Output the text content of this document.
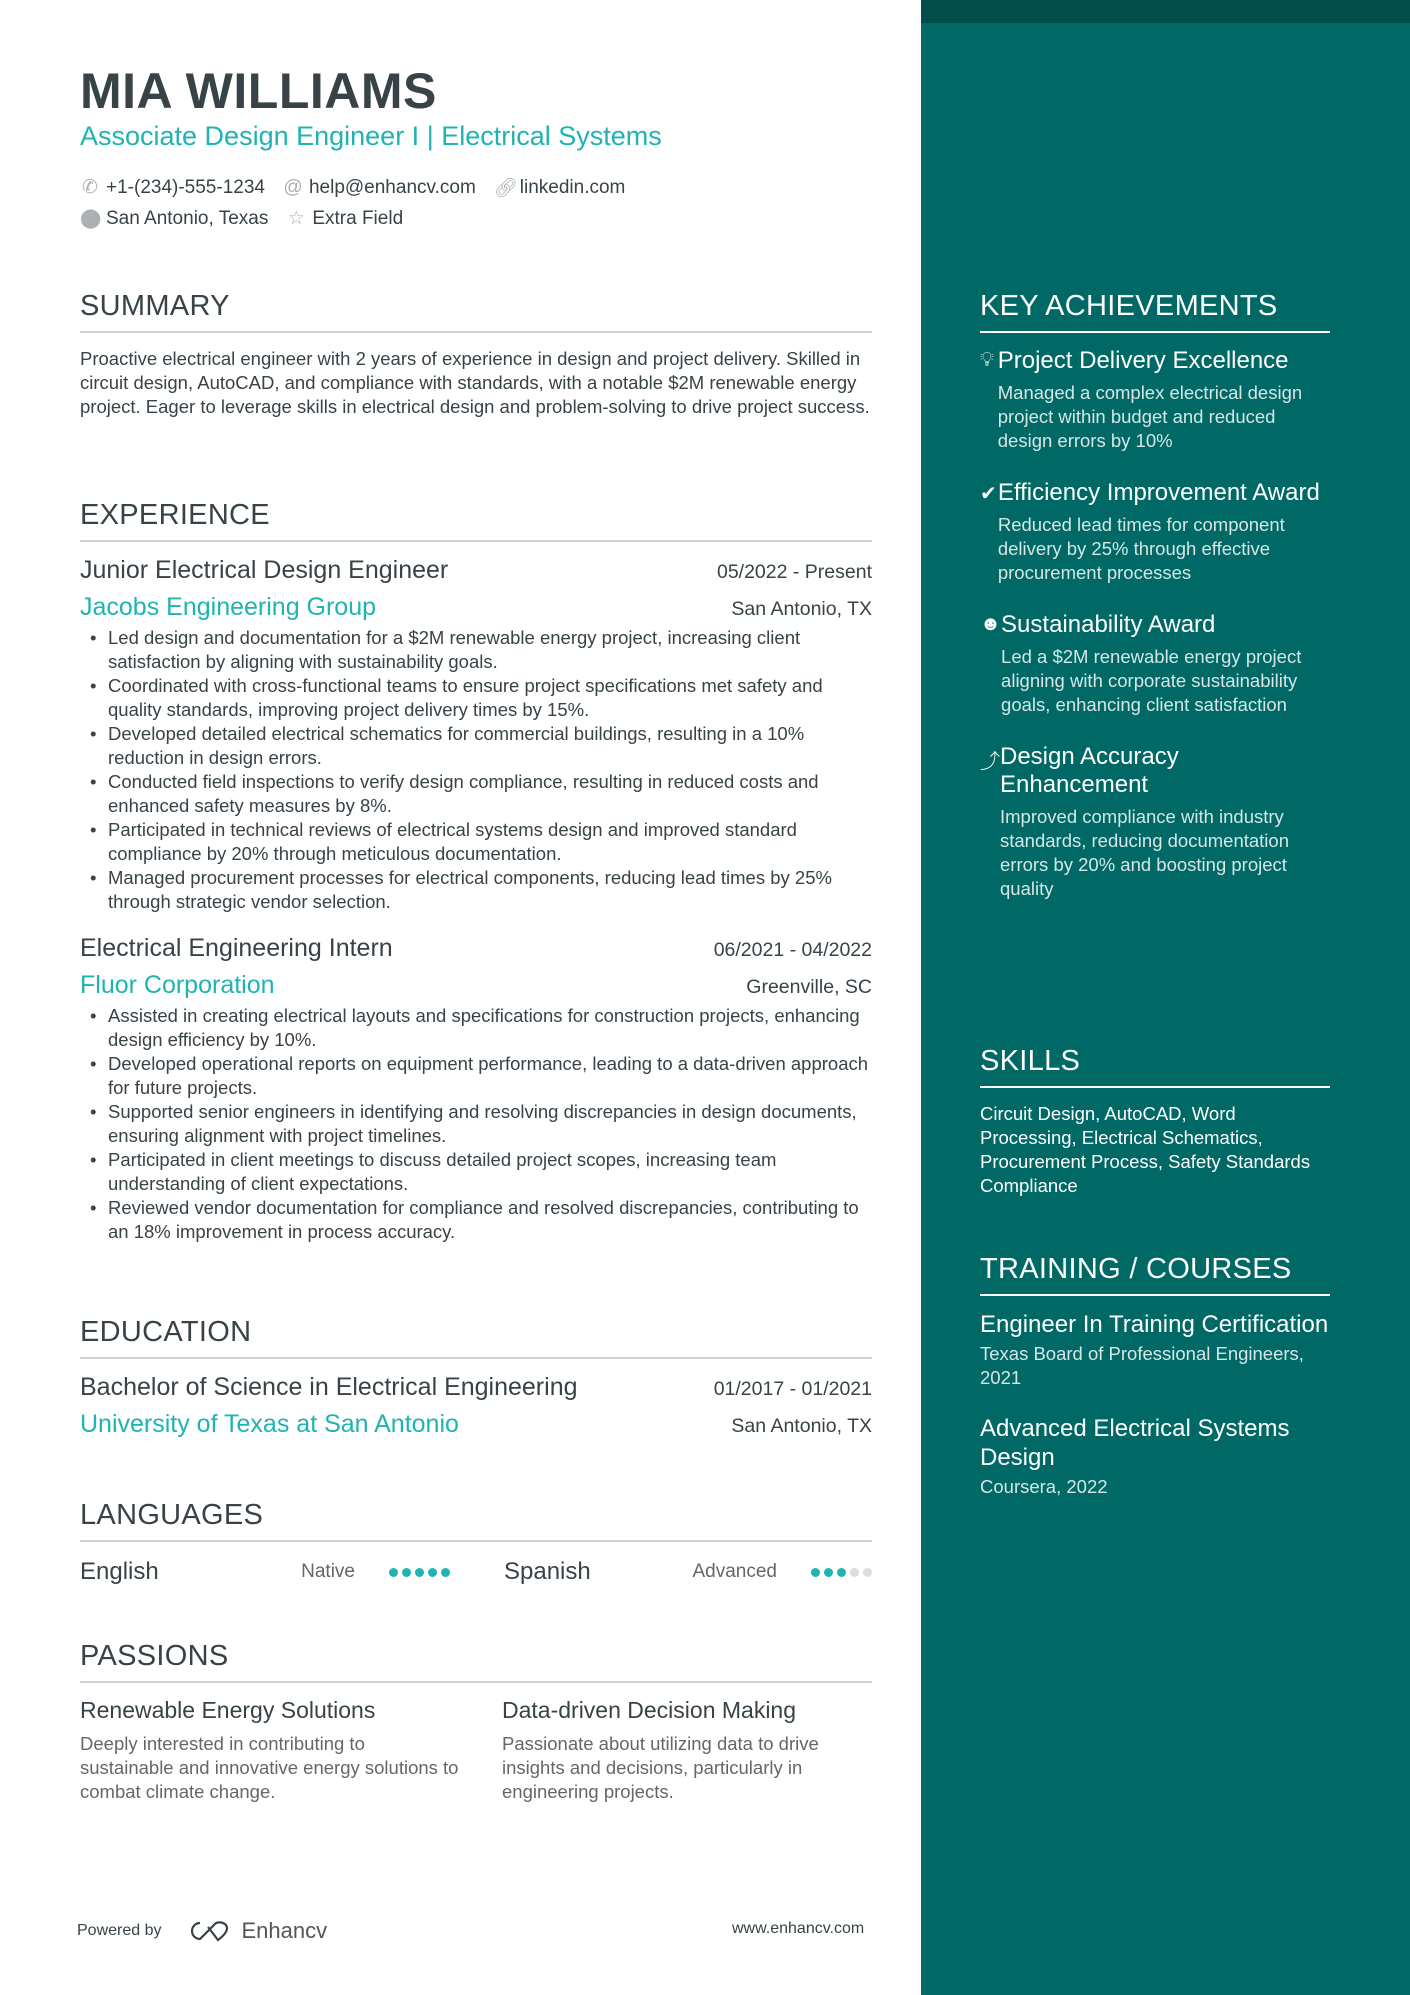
MIA WILLIAMS
Associate Design Engineer I | Electrical Systems
✆ +1-(234)-555-1234 @ help@enhancv.com 🔗︎ linkedin.com
⬤ San Antonio, Texas ☆ Extra Field
SUMMARY
Proactive electrical engineer with 2 years of experience in design and project delivery. Skilled in circuit design, AutoCAD, and compliance with standards, with a notable $2M renewable energy project. Eager to leverage skills in electrical design and problem-solving to drive project success.
EXPERIENCE
Junior Electrical Design Engineer	05/2022 - Present
Jacobs Engineering Group	San Antonio, TX
• Led design and documentation for a $2M renewable energy project, increasing client satisfaction by aligning with sustainability goals.
• Coordinated with cross-functional teams to ensure project specifications met safety and quality standards, improving project delivery times by 15%.
• Developed detailed electrical schematics for commercial buildings, resulting in a 10% reduction in design errors.
• Conducted field inspections to verify design compliance, resulting in reduced costs and enhanced safety measures by 8%.
• Participated in technical reviews of electrical systems design and improved standard compliance by 20% through meticulous documentation.
• Managed procurement processes for electrical components, reducing lead times by 25% through strategic vendor selection.
Electrical Engineering Intern	06/2021 - 04/2022
Fluor Corporation	Greenville, SC
• Assisted in creating electrical layouts and specifications for construction projects, enhancing design efficiency by 10%.
• Developed operational reports on equipment performance, leading to a data-driven approach for future projects.
• Supported senior engineers in identifying and resolving discrepancies in design documents, ensuring alignment with project timelines.
• Participated in client meetings to discuss detailed project scopes, increasing team understanding of client expectations.
• Reviewed vendor documentation for compliance and resolved discrepancies, contributing to an 18% improvement in process accuracy.
EDUCATION
Bachelor of Science in Electrical Engineering	01/2017 - 01/2021
University of Texas at San Antonio	San Antonio, TX
LANGUAGES
English	Native	Spanish	Advanced
PASSIONS
Renewable Energy Solutions
Deeply interested in contributing to sustainable and innovative energy solutions to combat climate change.
Data-driven Decision Making
Passionate about utilizing data to drive insights and decisions, particularly in engineering projects.
Powered by	Enhancv	www.enhancv.com
KEY ACHIEVEMENTS
💡︎ Project Delivery Excellence
Managed a complex electrical design project within budget and reduced design errors by 10%
✔ Efficiency Improvement Award
Reduced lead times for component delivery by 25% through effective procurement processes
☻ Sustainability Award
Led a $2M renewable energy project aligning with corporate sustainability goals, enhancing client satisfaction
⤴ Design Accuracy Enhancement
Improved compliance with industry standards, reducing documentation errors by 20% and boosting project quality
SKILLS
Circuit Design, AutoCAD, Word Processing, Electrical Schematics, Procurement Process, Safety Standards Compliance
TRAINING / COURSES
Engineer In Training Certification
Texas Board of Professional Engineers, 2021
Advanced Electrical Systems Design
Coursera, 2022
